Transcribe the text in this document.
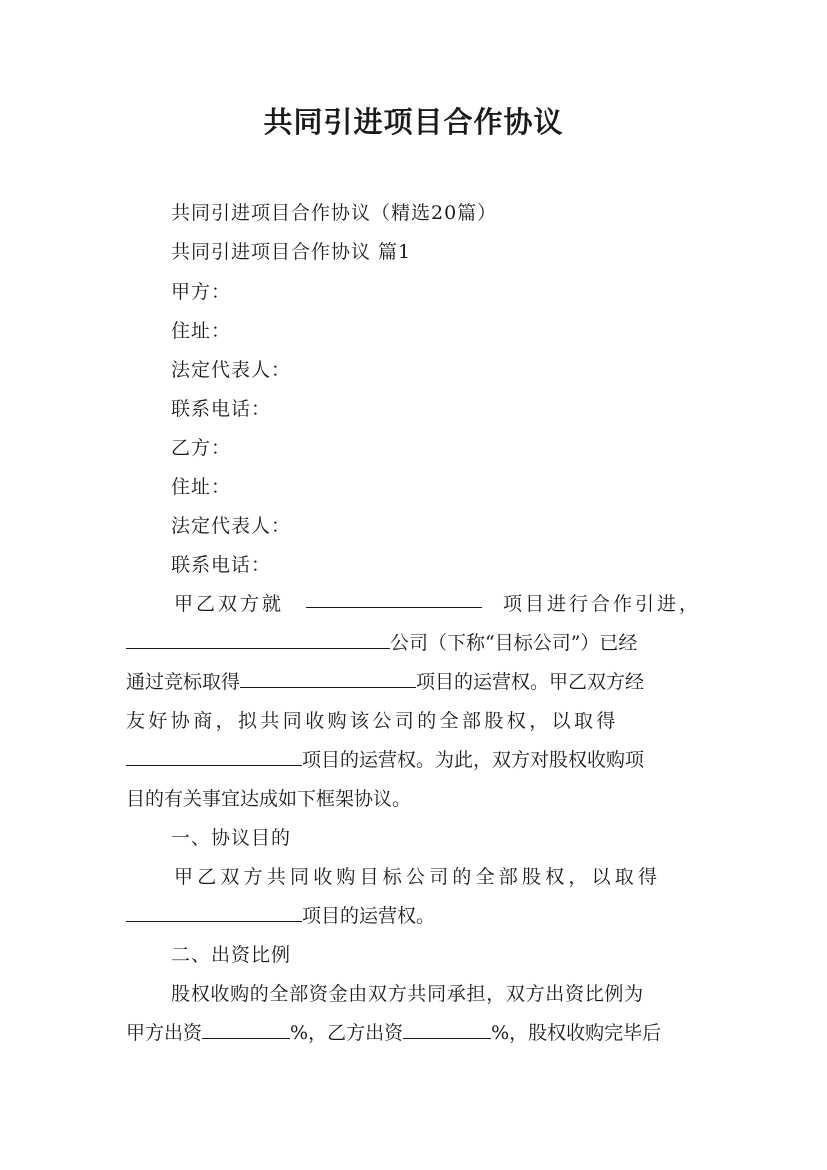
共同引进项目合作协议
共同引进项目合作协议（精选20篇）
共同引进项目合作协议 篇1
甲方：
住址：
法定代表人：
联系电话：
乙方：
住址：
法定代表人：
联系电话：
甲乙双方就	项目进行合作引进，
公司（下称“目标公司”）已经
通过竞标取得	项目的运营权。甲乙双方经
友好协商，拟共同收购该公司的全部股权，以取得
项目的运营权。为此，双方对股权收购项
目的有关事宜达成如下框架协议。
一、协议目的
甲乙双方共同收购目标公司的全部股权，以取得
项目的运营权。
二、出资比例
股权收购的全部资金由双方共同承担，双方出资比例为
甲方出资	%，乙方出资	%，股权收购完毕后
